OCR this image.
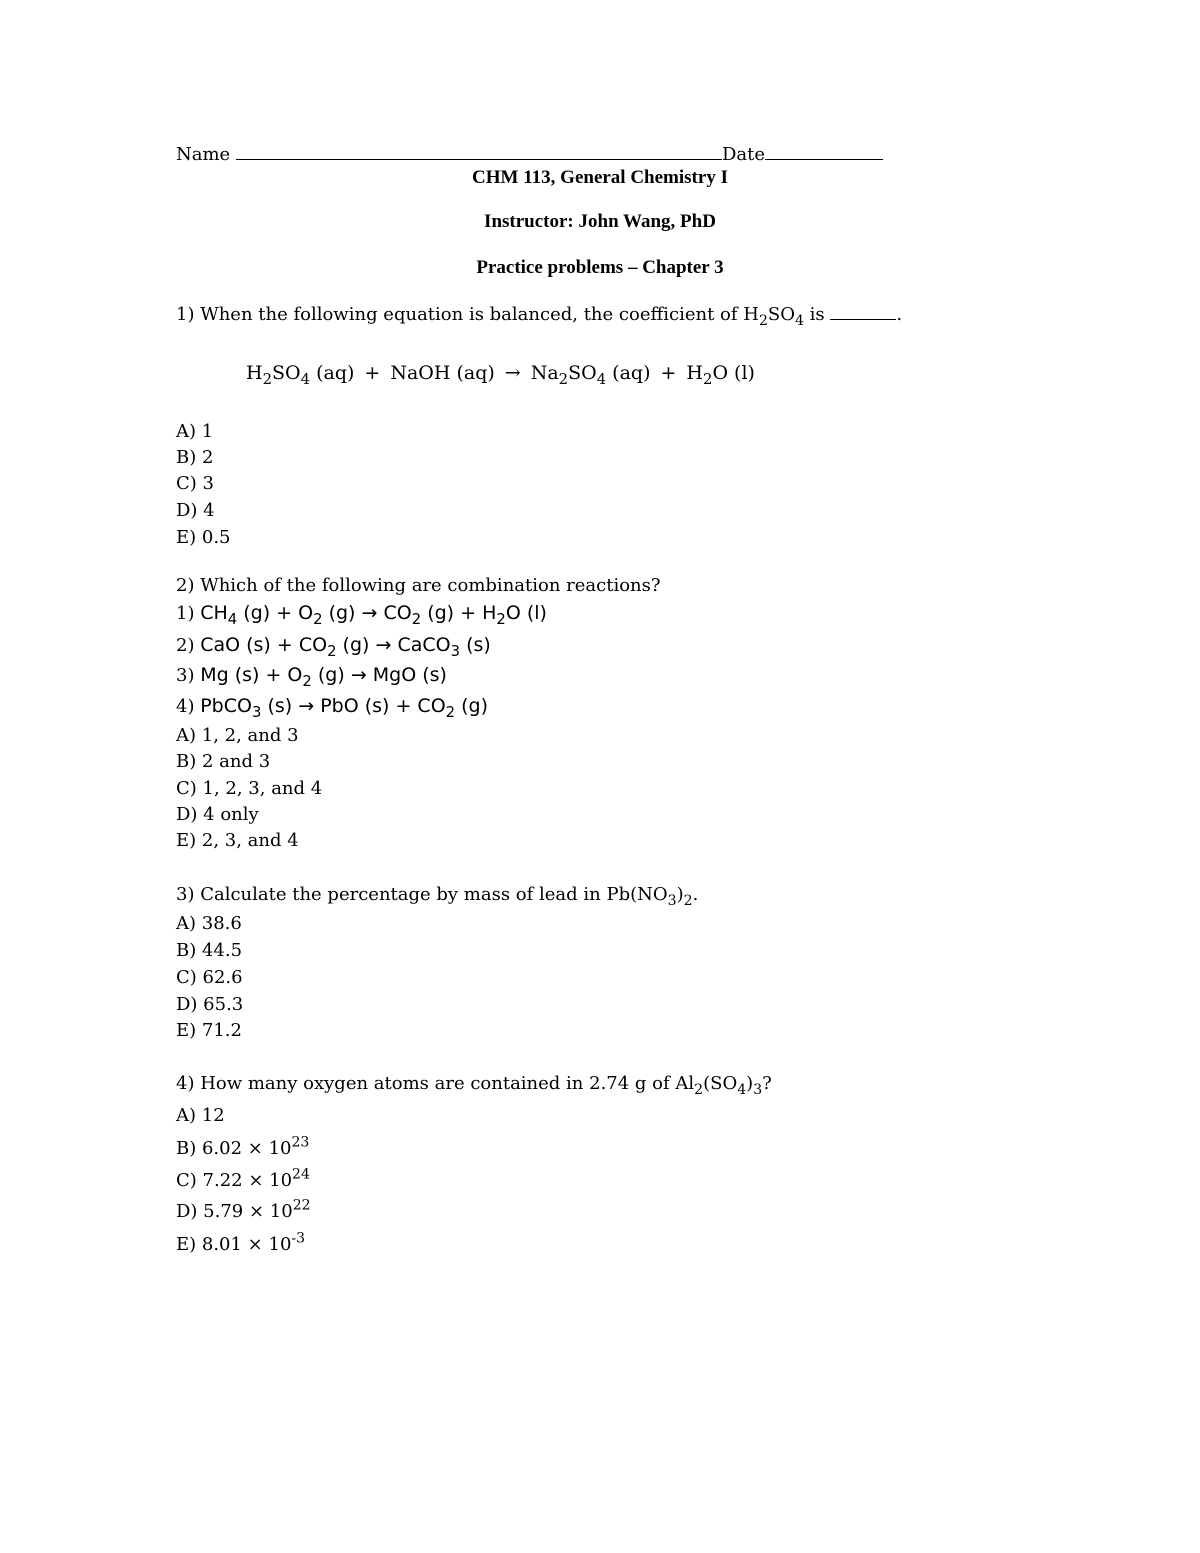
Name	Date
CHM 113, General Chemistry I
Instructor: John Wang, PhD
Practice problems – Chapter 3
1) When the following equation is balanced, the coefficient of $H_2SO_4$ is	.
$H_2SO_4$ (aq) + NaOH $(aq) \to Na_2SO_4$ $(aq) + H_2O$ (l)
A) 1
B) 2
C) 3
D) 4
E) 0.5
2) Which of the following are combination reactions?
1) $CH_4$ $(g) + O_2$ $(g) \to CO_2$ $(g) + H_2O$ (l)
2) CaO $(s) + CO_2$ (g) → CaCO$_3$ (s)
3) Mg $(s) + O_2$ (g) → MgO (s)
4) PbCO$_3$ (s) → PbO $(s) + CO_2$ (g)
A) 1, 2, and 3
B) 2 and 3
C) 1, 2, 3, and 4
D) 4 only
E) 2, 3, and 4
3) Calculate the percentage by mass of lead in $Pb(NO_3)_2$.
A) 38.6
B) 44.5
C) 62.6
D) 65.3
E) 71.2
4) How many oxygen atoms are contained in 2.74 g of $Al_2(SO_4)_3$?
A) 12
B) $6.02 \times 10^{23}$
C) $7.22 \times 10^{24}$
D) $5.79 \times 10^{22}$
E) $8.01 \times 10^{-3}$
